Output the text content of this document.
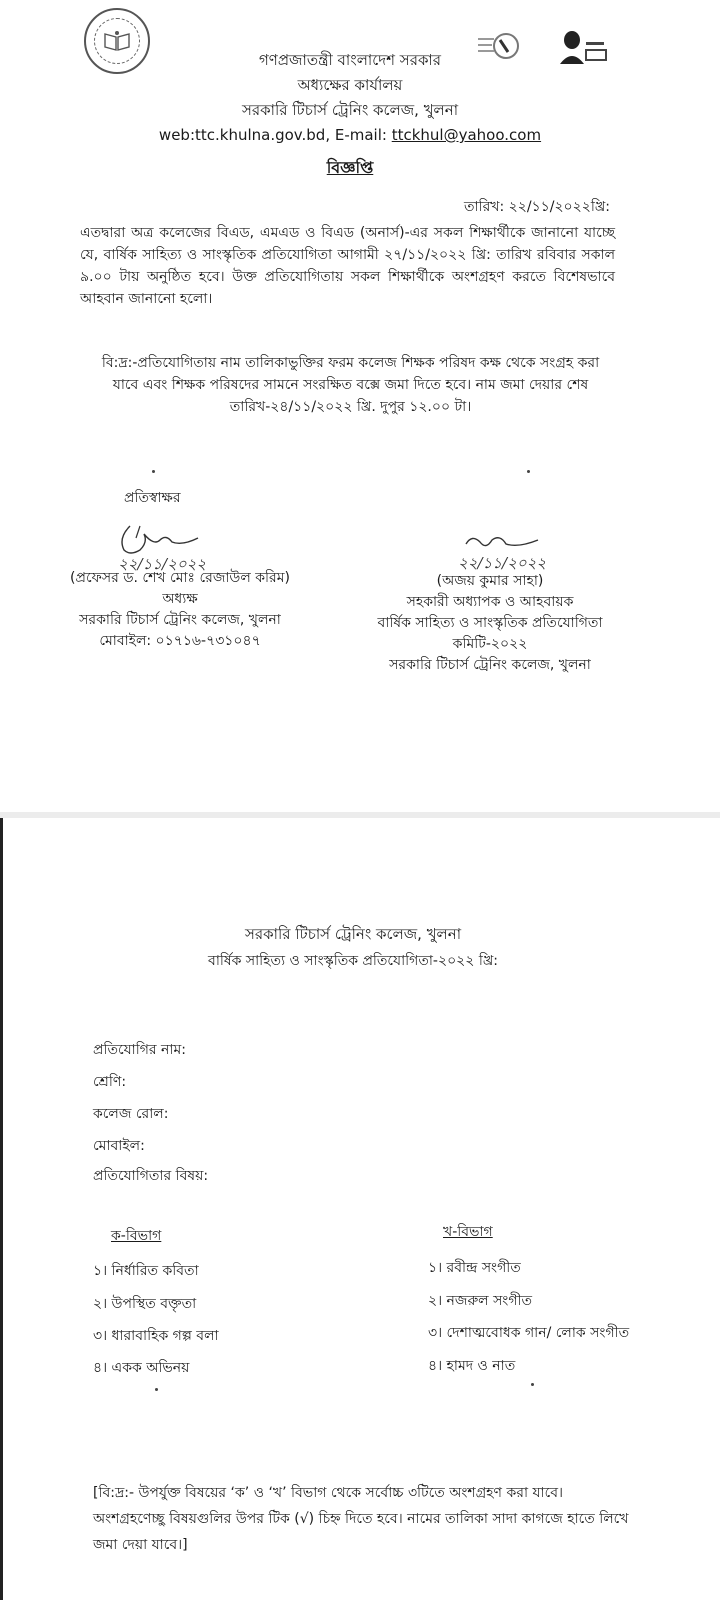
গণপ্রজাতন্ত্রী বাংলাদেশ সরকার
অধ্যক্ষের কার্যালয়
সরকারি টিচার্স ট্রেনিং কলেজ, খুলনা
web:ttc.khulna.gov.bd, E-mail: ttckhul@yahoo.com
বিজ্ঞপ্তি
তারিখ: ২২/১১/২০২২খ্রি:
এতদ্বারা অত্র কলেজের বিএড, এমএড ও বিএড (অনার্স)-এর সকল শিক্ষার্থীকে জানানো যাচ্ছে যে, বার্ষিক সাহিত্য ও সাংস্কৃতিক প্রতিযোগিতা আগামী ২৭/১১/২০২২ খ্রি: তারিখ রবিবার সকাল ৯.০০ টায় অনুষ্ঠিত হবে। উক্ত প্রতিযোগিতায় সকল শিক্ষার্থীকে অংশগ্রহণ করতে বিশেষভাবে আহবান জানানো হলো।
বি:দ্র:-প্রতিযোগিতায় নাম তালিকাভুক্তির ফরম কলেজ শিক্ষক পরিষদ কক্ষ থেকে সংগ্রহ করা যাবে এবং শিক্ষক পরিষদের সামনে সংরক্ষিত বক্সে জমা দিতে হবে। নাম জমা দেয়ার শেষ তারিখ-২৪/১১/২০২২ খ্রি. দুপুর ১২.০০ টা।
প্রতিস্বাক্ষর
২২/১১/২০২২
(প্রফেসর ড. শেখ মোঃ রেজাউল করিম)
অধ্যক্ষ
সরকারি টিচার্স ট্রেনিং কলেজ, খুলনা
মোবাইল: ০১৭১৬-৭৩১০৪৭
২২/১১/২০২২
(অজয় কুমার সাহা)
সহকারী অধ্যাপক ও আহবায়ক
বার্ষিক সাহিত্য ও সাংস্কৃতিক প্রতিযোগিতা
কমিটি-২০২২
সরকারি টিচার্স ট্রেনিং কলেজ, খুলনা
সরকারি টিচার্স ট্রেনিং কলেজ, খুলনা
বার্ষিক সাহিত্য ও সাংস্কৃতিক প্রতিযোগিতা-২০২২ খ্রি:
প্রতিযোগির নাম:
শ্রেণি:
কলেজ রোল:
মোবাইল:
প্রতিযোগিতার বিষয়:
ক-বিভাগ
১। নির্ধারিত কবিতা
২। উপস্থিত বক্তৃতা
৩। ধারাবাহিক গল্প বলা
৪। একক অভিনয়
খ-বিভাগ
১। রবীন্দ্র সংগীত
২। নজরুল সংগীত
৩। দেশাত্মবোধক গান/ লোক সংগীত
৪। হামদ ও নাত
[বি:দ্র:- উপর্যুক্ত বিষয়ের ‘ক’ ও ‘খ’ বিভাগ থেকে সর্বোচ্চ ৩টিতে অংশগ্রহণ করা যাবে। অংশগ্রহণেচ্ছু বিষয়গুলির উপর টিক (√) চিহ্ন দিতে হবে। নামের তালিকা সাদা কাগজে হাতে লিখে জমা দেয়া যাবে।]
